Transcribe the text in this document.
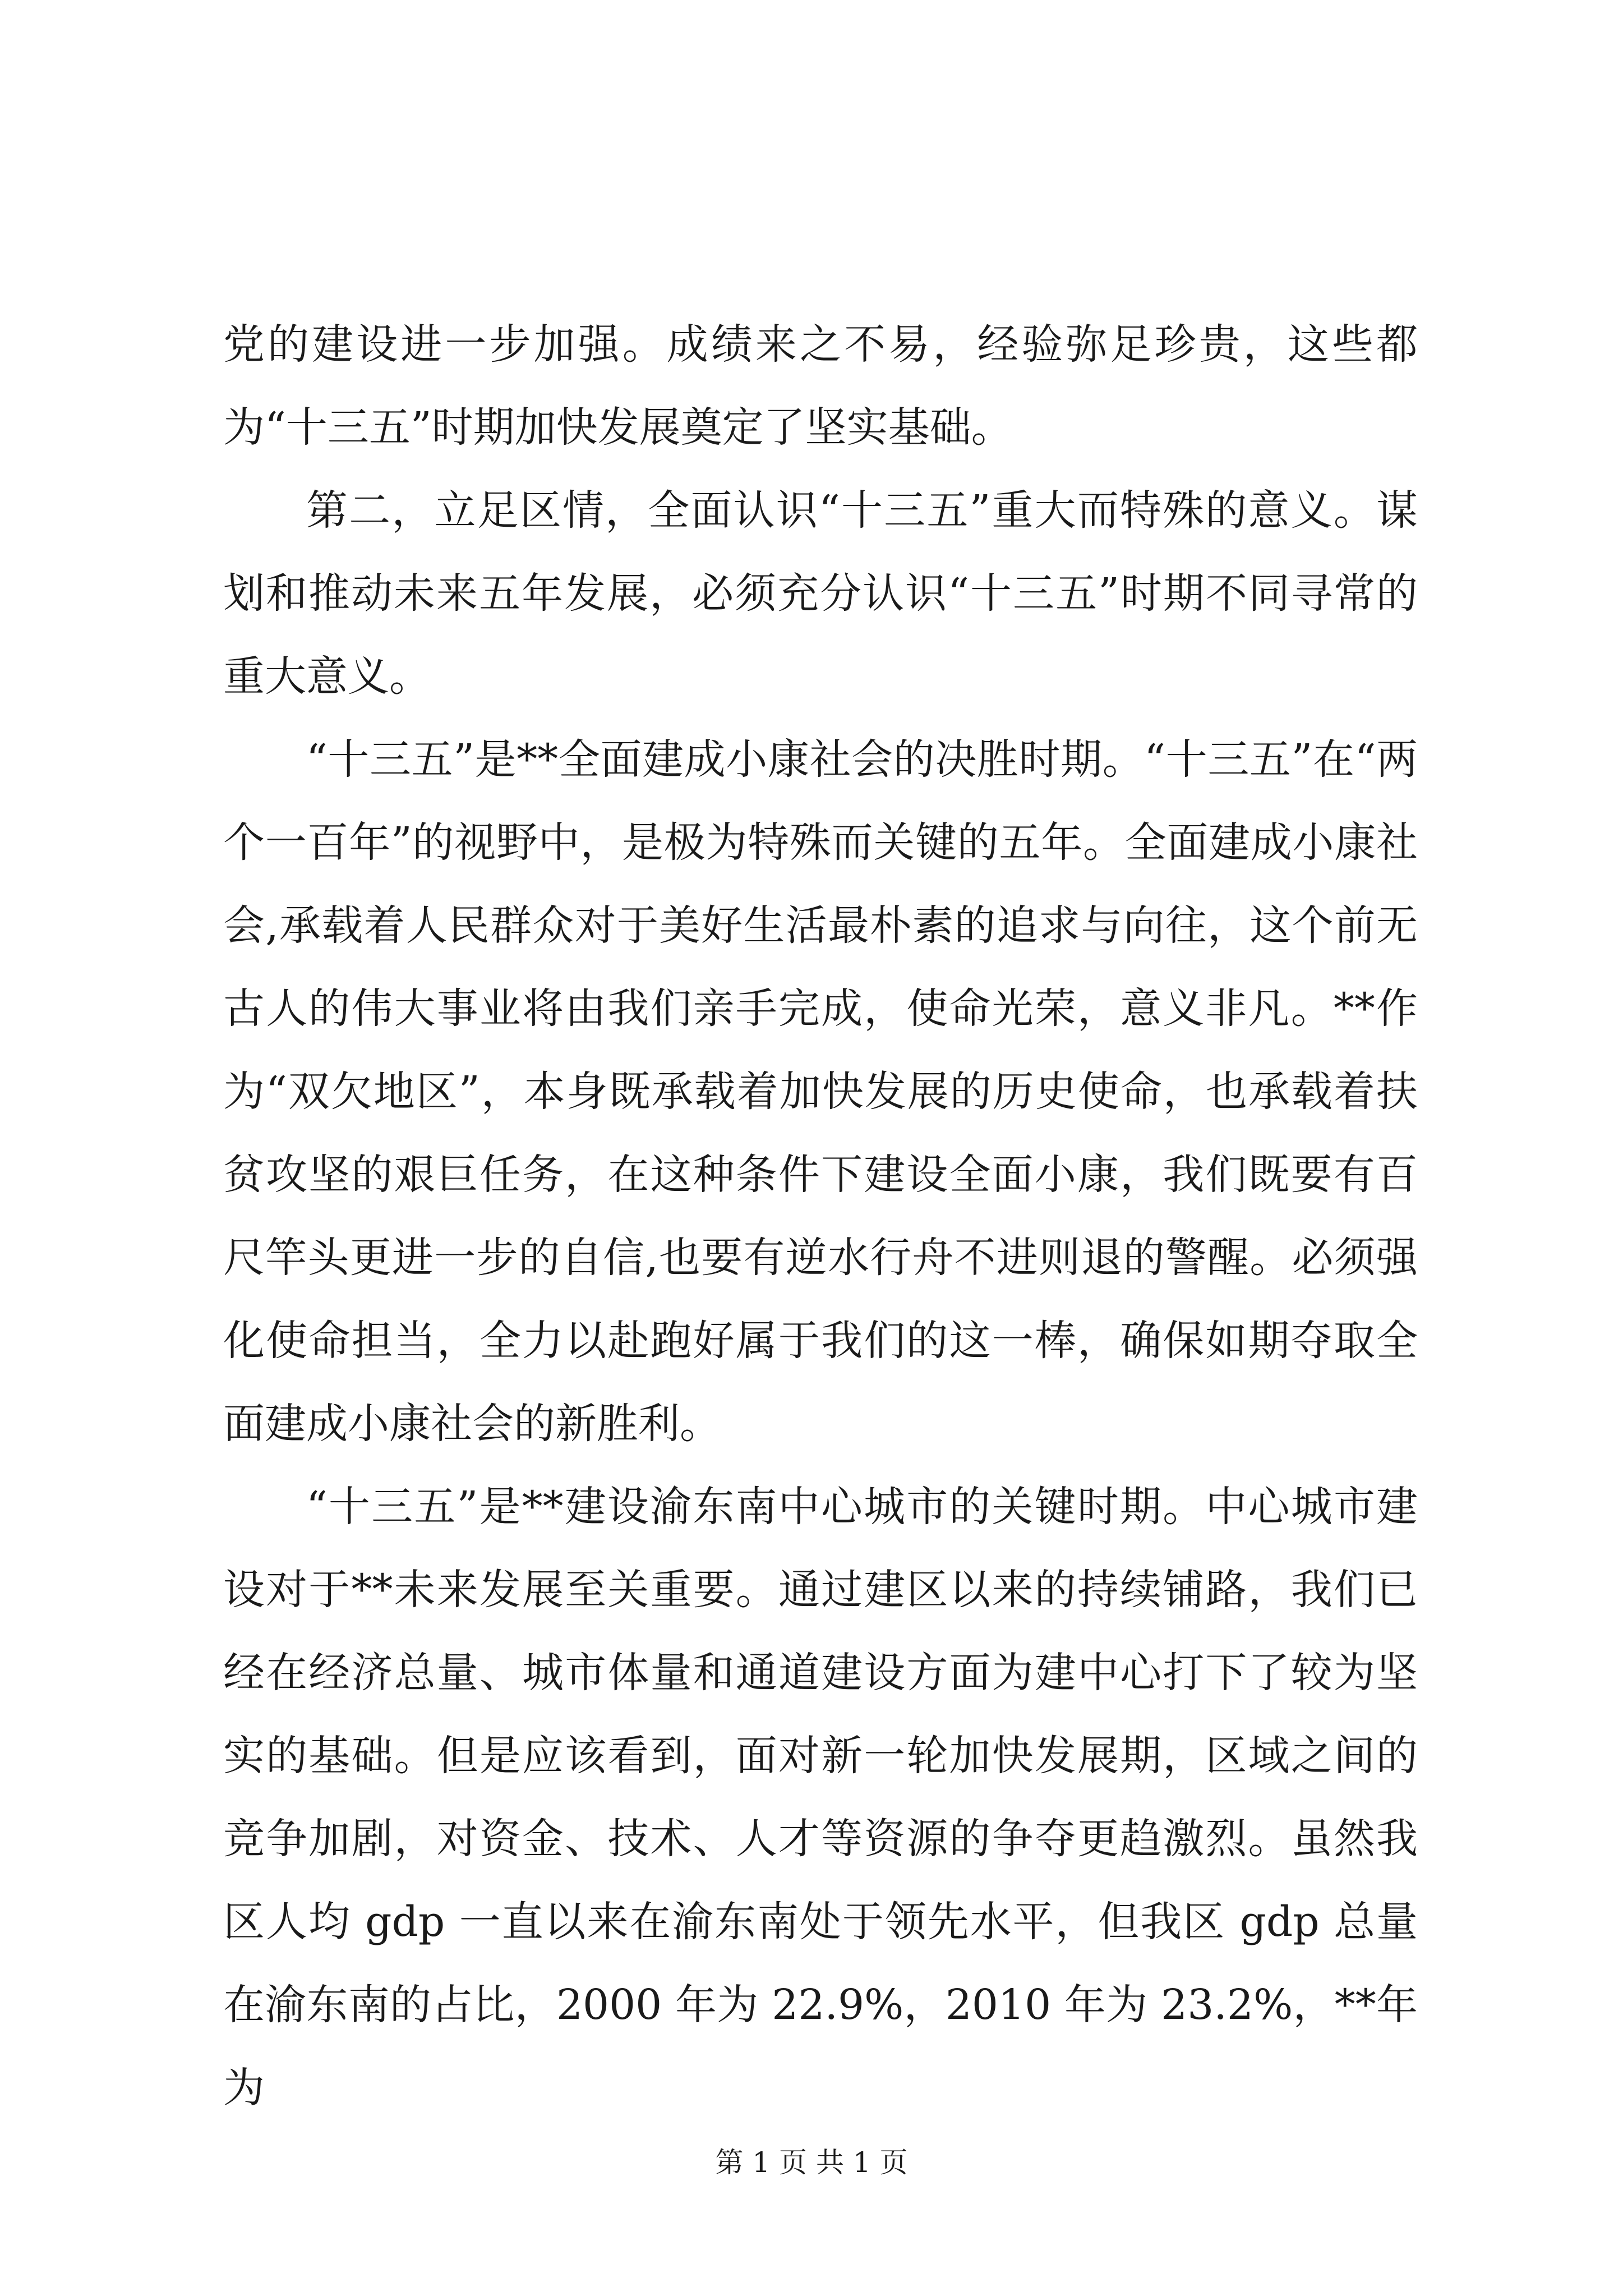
党的建设进一步加强。成绩来之不易，经验弥足珍贵，这些都为“十三五”时期加快发展奠定了坚实基础。

第二，立足区情，全面认识“十三五”重大而特殊的意义。谋划和推动未来五年发展，必须充分认识“十三五”时期不同寻常的重大意义。

“十三五”是**全面建成小康社会的决胜时期。“十三五”在“两个一百年”的视野中，是极为特殊而关键的五年。全面建成小康社会,承载着人民群众对于美好生活最朴素的追求与向往，这个前无古人的伟大事业将由我们亲手完成，使命光荣，意义非凡。**作为“双欠地区”，本身既承载着加快发展的历史使命，也承载着扶贫攻坚的艰巨任务，在这种条件下建设全面小康，我们既要有百尺竿头更进一步的自信,也要有逆水行舟不进则退的警醒。必须强化使命担当，全力以赴跑好属于我们的这一棒，确保如期夺取全面建成小康社会的新胜利。

“十三五”是**建设渝东南中心城市的关键时期。中心城市建设对于**未来发展至关重要。通过建区以来的持续铺路，我们已经在经济总量、城市体量和通道建设方面为建中心打下了较为坚实的基础。但是应该看到，面对新一轮加快发展期，区域之间的竞争加剧，对资金、技术、人才等资源的争夺更趋激烈。虽然我区人均 gdp 一直以来在渝东南处于领先水平，但我区 gdp 总量在渝东南的占比，2000 年为 22.9%，2010 年为 23.2%，**年为

第 1 页 共 1 页
